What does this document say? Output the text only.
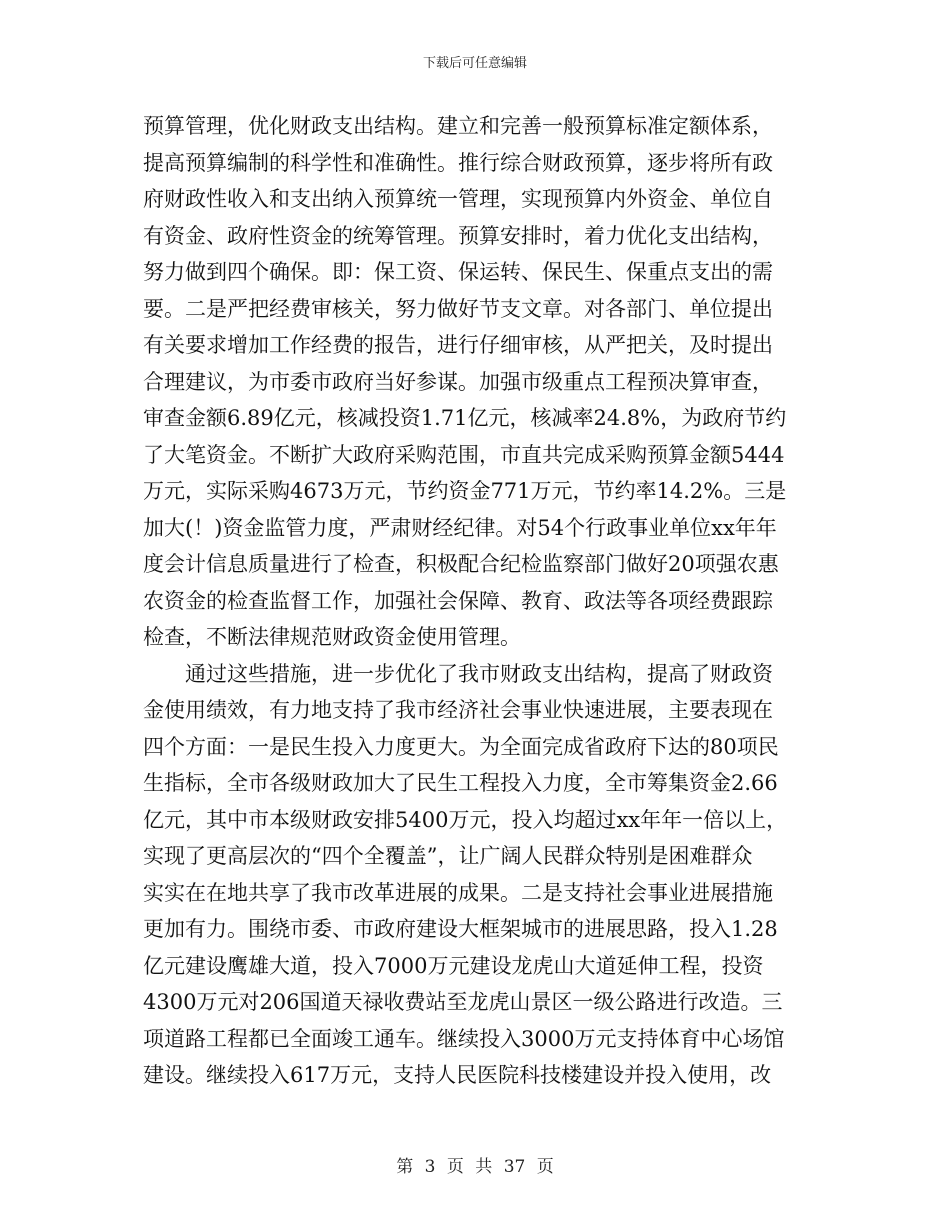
下载后可任意编辑
预算管理，优化财政支出结构。建立和完善一般预算标准定额体系，
提高预算编制的科学性和准确性。推行综合财政预算，逐步将所有政
府财政性收入和支出纳入预算统一管理，实现预算内外资金、单位自
有资金、政府性资金的统筹管理。预算安排时，着力优化支出结构，
努力做到四个确保。即：保工资、保运转、保民生、保重点支出的需
要。二是严把经费审核关，努力做好节支文章。对各部门、单位提出
有关要求增加工作经费的报告，进行仔细审核，从严把关，及时提出
合理建议，为市委市政府当好参谋。加强市级重点工程预决算审查，
审查金额6.89亿元，核减投资1.71亿元，核减率24.8%，为政府节约
了大笔资金。不断扩大政府采购范围，市直共完成采购预算金额5444
万元，实际采购4673万元，节约资金771万元，节约率14.2%。三是
加大(！)资金监管力度，严肃财经纪律。对54个行政事业单位xx年年
度会计信息质量进行了检查，积极配合纪检监察部门做好20项强农惠
农资金的检查监督工作，加强社会保障、教育、政法等各项经费跟踪
检查，不断法律规范财政资金使用管理。
通过这些措施，进一步优化了我市财政支出结构，提高了财政资
金使用绩效，有力地支持了我市经济社会事业快速进展，主要表现在
四个方面：一是民生投入力度更大。为全面完成省政府下达的80项民
生指标，全市各级财政加大了民生工程投入力度，全市筹集资金2.66
亿元，其中市本级财政安排5400万元，投入均超过xx年年一倍以上，
实现了更高层次的“四个全覆盖”，让广阔人民群众特别是困难群众
实实在在地共享了我市改革进展的成果。二是支持社会事业进展措施
更加有力。围绕市委、市政府建设大框架城市的进展思路，投入1.28
亿元建设鹰雄大道，投入7000万元建设龙虎山大道延伸工程，投资
4300万元对206国道天禄收费站至龙虎山景区一级公路进行改造。三
项道路工程都已全面竣工通车。继续投入3000万元支持体育中心场馆
建设。继续投入617万元，支持人民医院科技楼建设并投入使用，改
第 3 页 共 37 页
